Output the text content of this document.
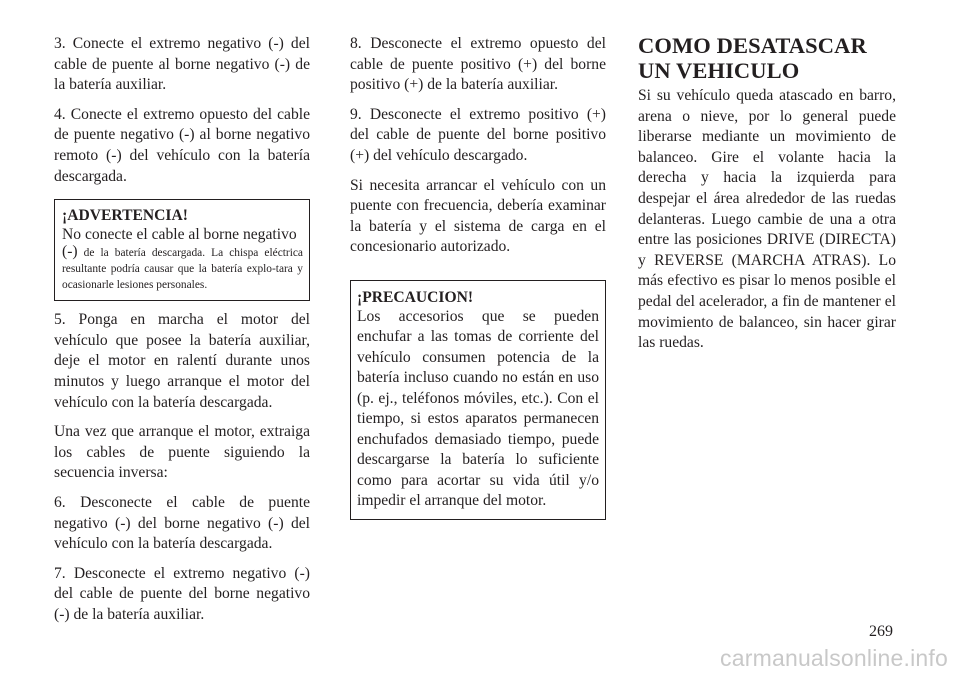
3. Conecte el extremo negativo (-) del cable de puente al borne negativo (-) de la batería auxiliar.

4. Conecte el extremo opuesto del cable de puente negativo (-) al borne negativo remoto (-) del vehículo con la batería descargada.

¡ADVERTENCIA!
No conecte el cable al borne negativo
(-) de la batería descargada. La chispa eléctrica resultante podría causar que la batería explo-tara y ocasionarle lesiones personales.

5. Ponga en marcha el motor del vehículo que posee la batería auxiliar, deje el motor en ralentí durante unos minutos y luego arranque el motor del vehículo con la batería descargada.

Una vez que arranque el motor, extraiga los cables de puente siguiendo la secuencia inversa:

6. Desconecte el cable de puente negativo (-) del borne negativo (-) del vehículo con la batería descargada.

7. Desconecte el extremo negativo (-) del cable de puente del borne negativo (-) de la batería auxiliar.

8. Desconecte el extremo opuesto del cable de puente positivo (+) del borne positivo (+) de la batería auxiliar.

9. Desconecte el extremo positivo (+) del cable de puente del borne positivo (+) del vehículo descargado.

Si necesita arrancar el vehículo con un puente con frecuencia, debería examinar la batería y el sistema de carga en el concesionario autorizado.

¡PRECAUCION!
Los accesorios que se pueden enchufar a las tomas de corriente del vehículo consumen potencia de la batería incluso cuando no están en uso (p. ej., teléfonos móviles, etc.). Con el tiempo, si estos aparatos permanecen enchufados demasiado tiempo, puede descargarse la batería lo suficiente como para acortar su vida útil y/o impedir el arranque del motor.
COMO DESATASCAR UN VEHICULO

Si su vehículo queda atascado en barro, arena o nieve, por lo general puede liberarse mediante un movimiento de balanceo. Gire el volante hacia la derecha y hacia la izquierda para despejar el área alrededor de las ruedas delanteras. Luego cambie de una a otra entre las posiciones DRIVE (DIRECTA) y REVERSE (MARCHA ATRAS). Lo más efectivo es pisar lo menos posible el pedal del acelerador, a fin de mantener el movimiento de balanceo, sin hacer girar las ruedas.

269
carmanualsonline.info
